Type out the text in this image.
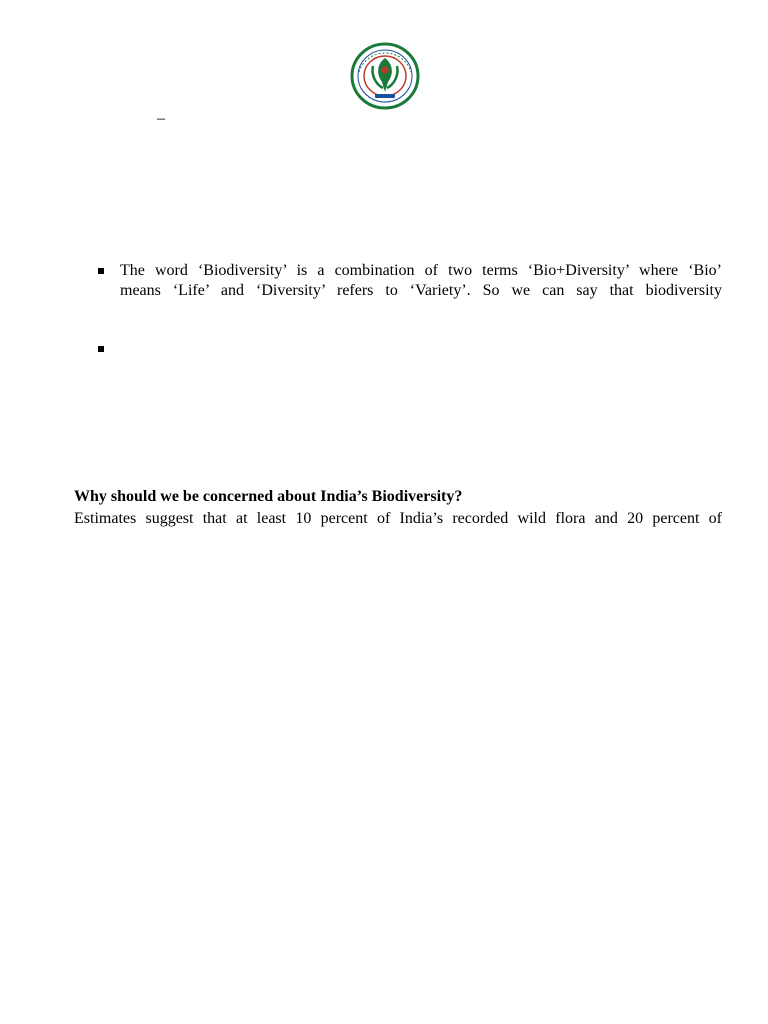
–

The word ‘Biodiversity’ is a combination of two terms ‘Bio+Diversity’ where ‘Bio’
means ‘Life’ and ‘Diversity’ refers to ‘Variety’. So we can say that biodiversity

Why should we be concerned about India’s Biodiversity?

Estimates suggest that at least 10 percent of India’s recorded wild flora and 20 percent of
